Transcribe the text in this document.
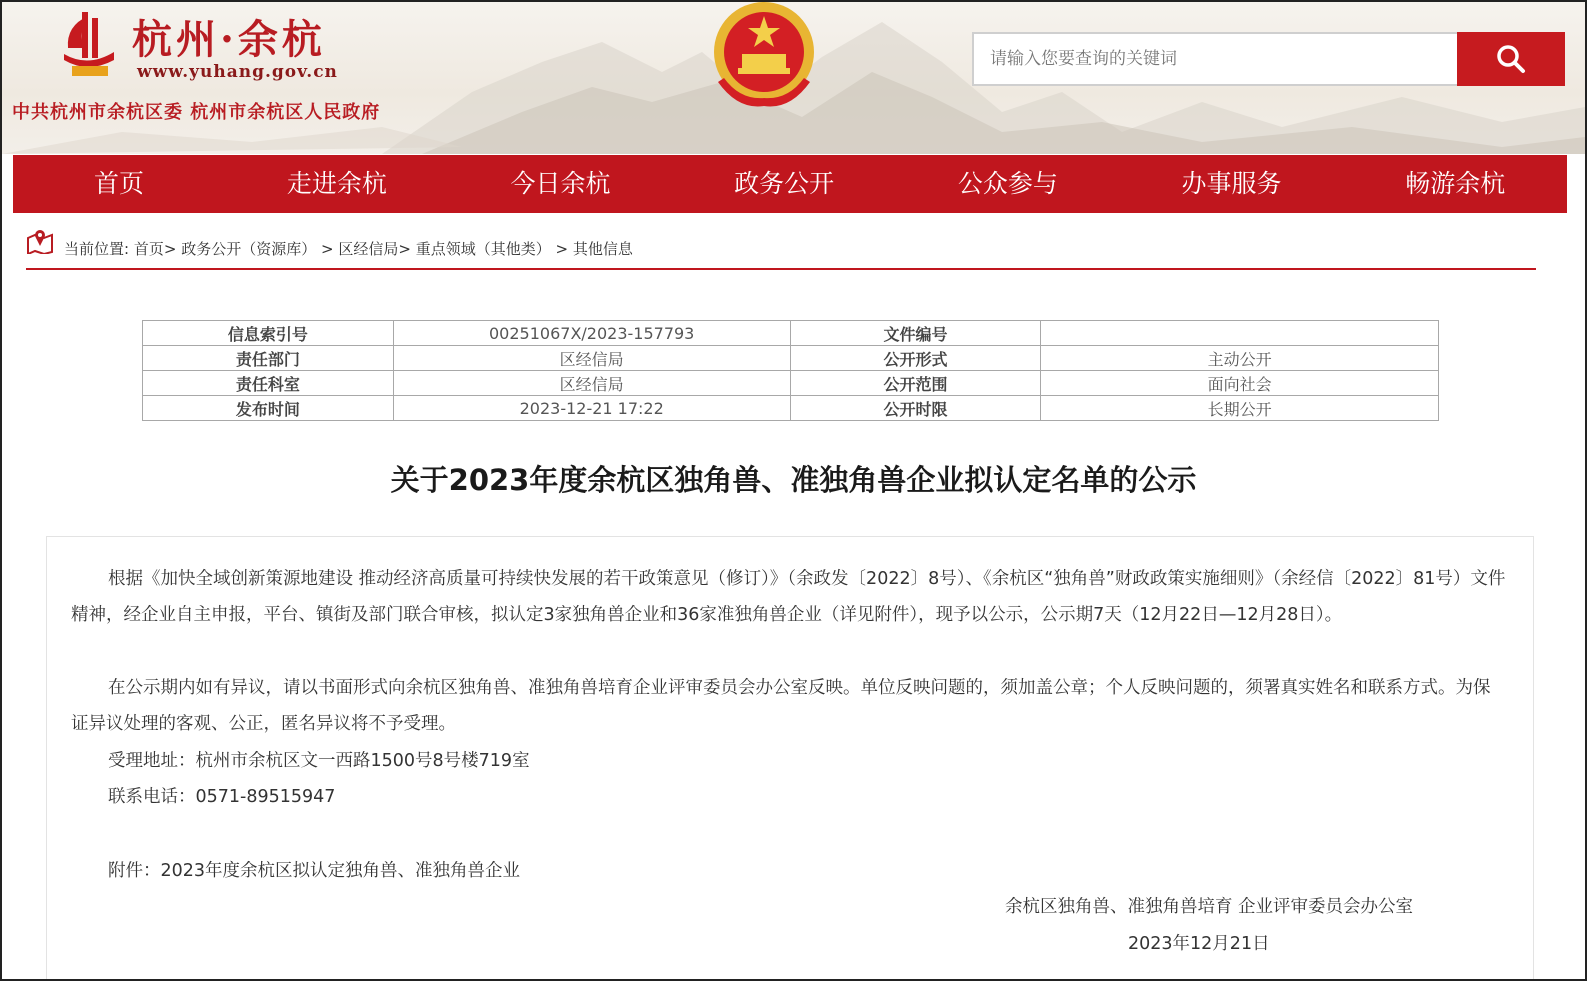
杭州·余杭
www.yuhang.gov.cn
中共杭州市余杭区委 杭州市余杭区人民政府
请输入您要查询的关键词
首页	走进余杭	今日余杭	政务公开	公众参与	办事服务	畅游余杭
当前位置: 首页> 政务公开（资源库） > 区经信局> 重点领域（其他类） > 其他信息
信息索引号	00251067X/2023-157793	文件编号	
责任部门	区经信局	公开形式	主动公开
责任科室	区经信局	公开范围	面向社会
发布时间	2023-12-21 17:22	公开时限	长期公开
关于2023年度余杭区独角兽、准独角兽企业拟认定名单的公示
根据《加快全域创新策源地建设 推动经济高质量可持续快发展的若干政策意见（修订）》（余政发〔2022〕8号）、《余杭区“独角兽”财政政策实施细则》（余经信〔2022〕81号）文件精神，经企业自主申报，平台、镇街及部门联合审核，拟认定3家独角兽企业和36家准独角兽企业（详见附件），现予以公示，公示期7天（12月22日—12月28日）。
在公示期内如有异议，请以书面形式向余杭区独角兽、准独角兽培育企业评审委员会办公室反映。单位反映问题的，须加盖公章；个人反映问题的，须署真实姓名和联系方式。为保证异议处理的客观、公正，匿名异议将不予受理。
受理地址：杭州市余杭区文一西路1500号8号楼719室
联系电话：0571-89515947
附件：2023年度余杭区拟认定独角兽、准独角兽企业
余杭区独角兽、准独角兽培育 企业评审委员会办公室
2023年12月21日
